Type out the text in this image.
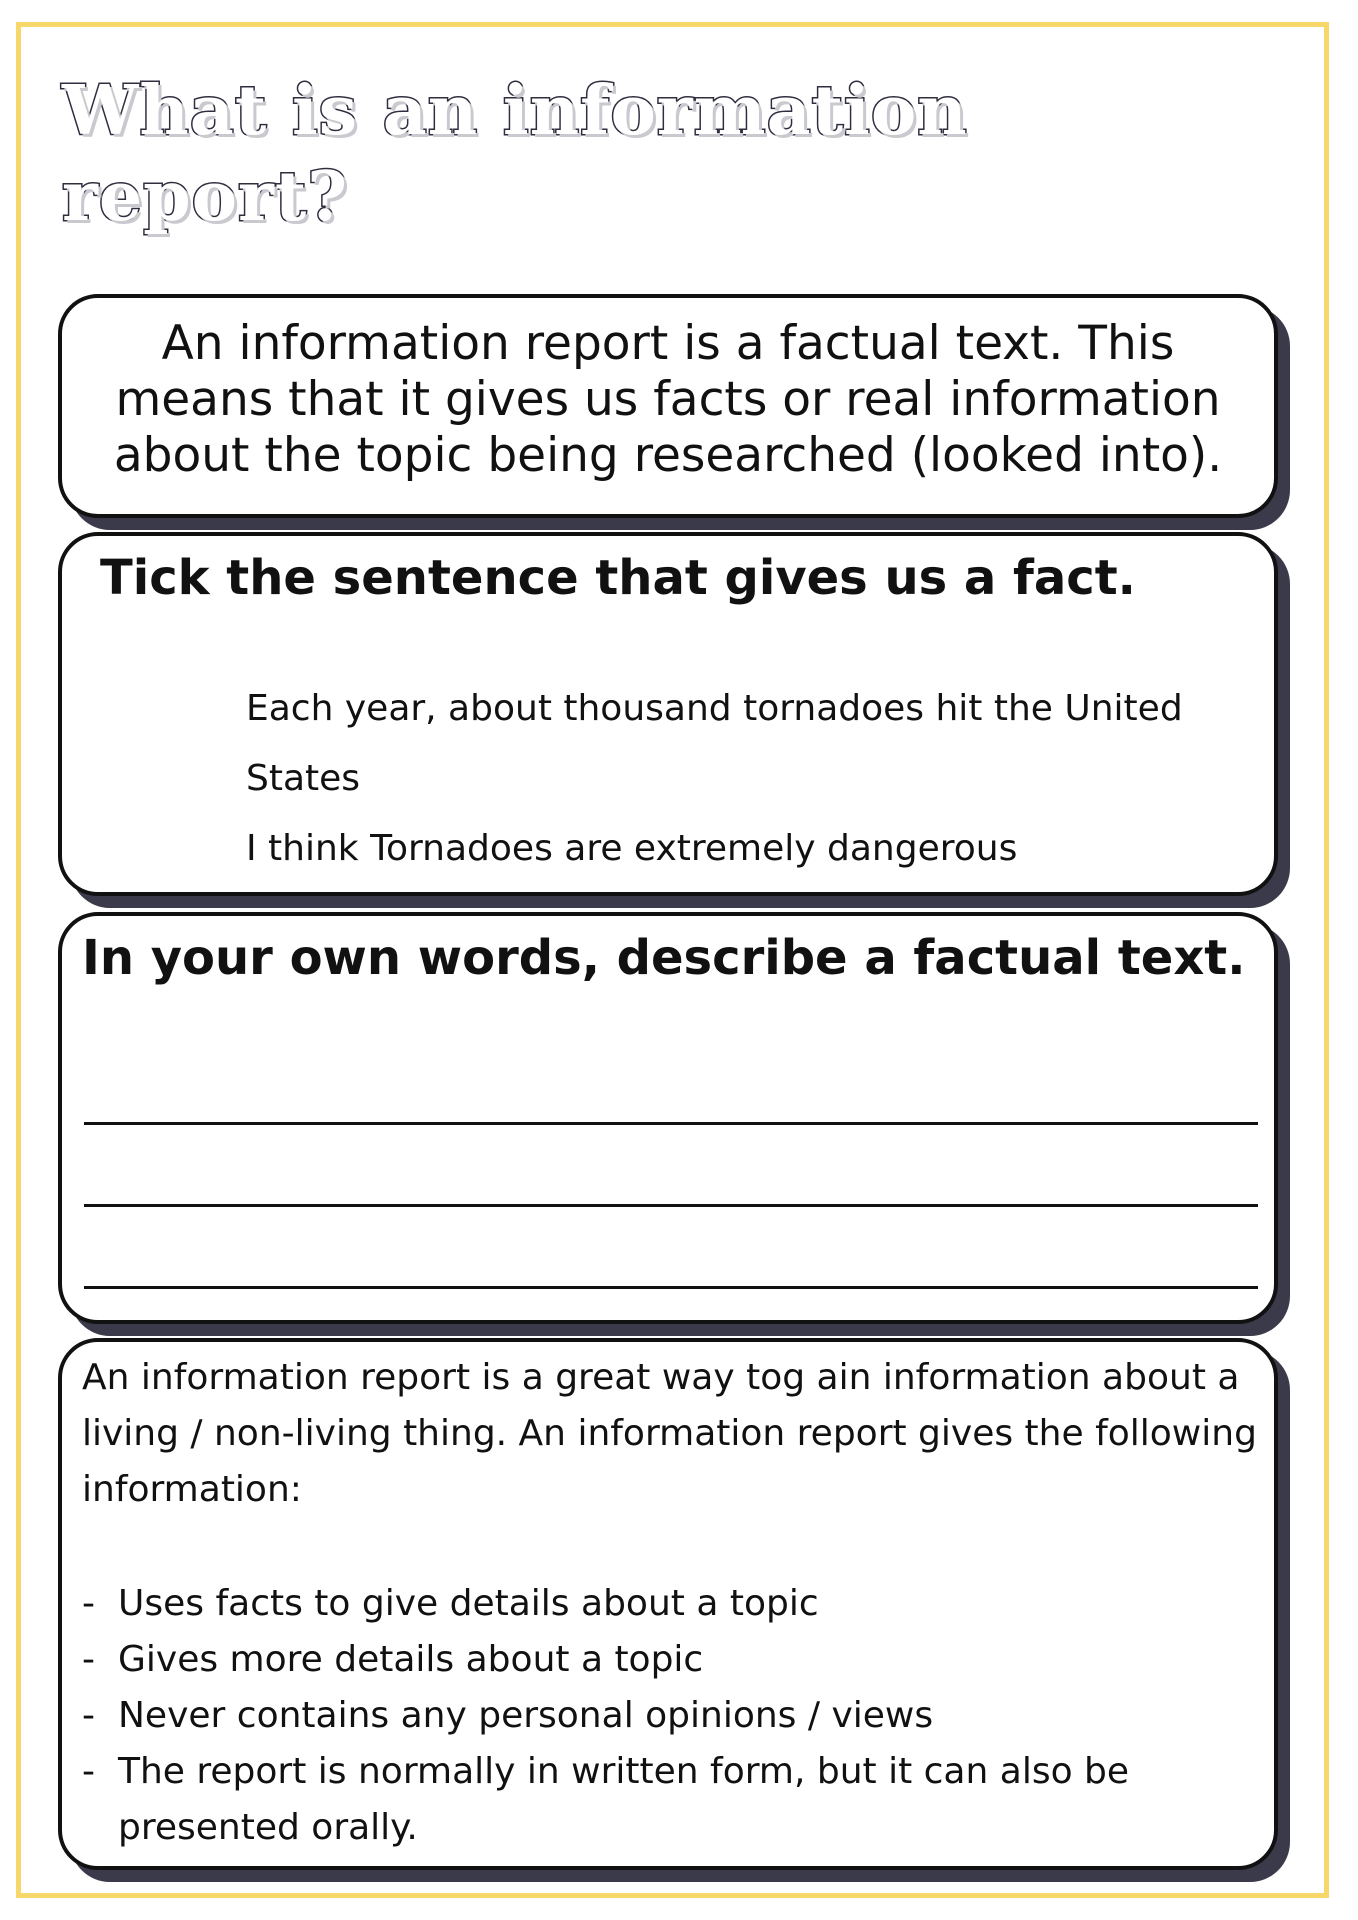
What is an information
report?

An information report is a factual text. This means that it gives us facts or real information about the topic being researched (looked into).

Tick the sentence that gives us a fact.
Each year, about thousand tornadoes hit the United States
I think Tornadoes are extremely dangerous
In your own words, describe a factual text.

An information report is a great way tog ain information about a living / non-living thing. An information report gives the following information:

- Uses facts to give details about a topic
- Gives more details about a topic
- Never contains any personal opinions / views
- The report is normally in written form, but it can also be presented orally.
